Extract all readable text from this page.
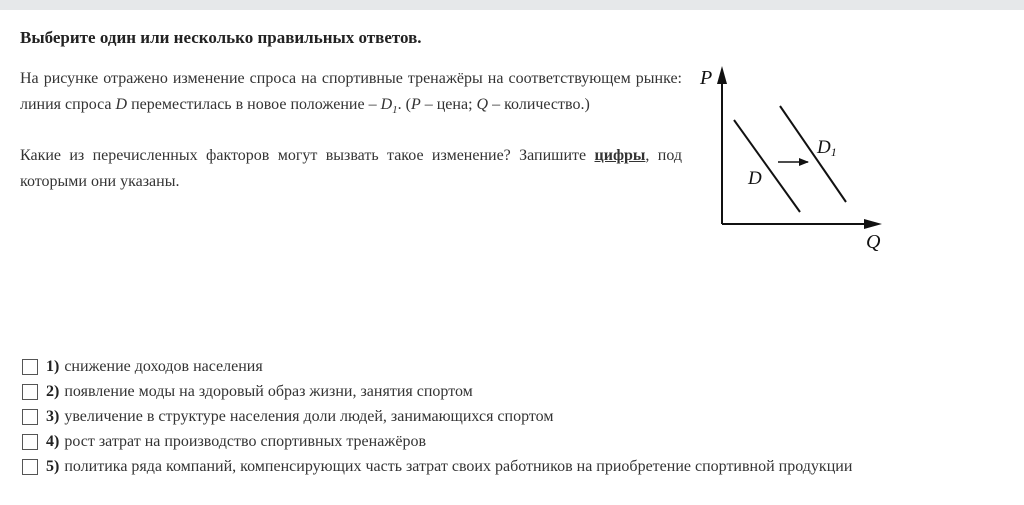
Выберите один или несколько правильных ответов.

На рисунке отражено изменение спроса на спортивные тренажёры на соответствующем рынке: линия спроса D переместилась в новое положение – $D_1$. (P – цена; Q – количество.)

Какие из перечисленных факторов могут вызвать такое изменение? Запишите цифры, под которыми они указаны.

P
Q
D
D1
1) снижение доходов населения
2) появление моды на здоровый образ жизни, занятия спортом
3) увеличение в структуре населения доли людей, занимающихся спортом
4) рост затрат на производство спортивных тренажёров
5) политика ряда компаний, компенсирующих часть затрат своих работников на приобретение спортивной продукции
